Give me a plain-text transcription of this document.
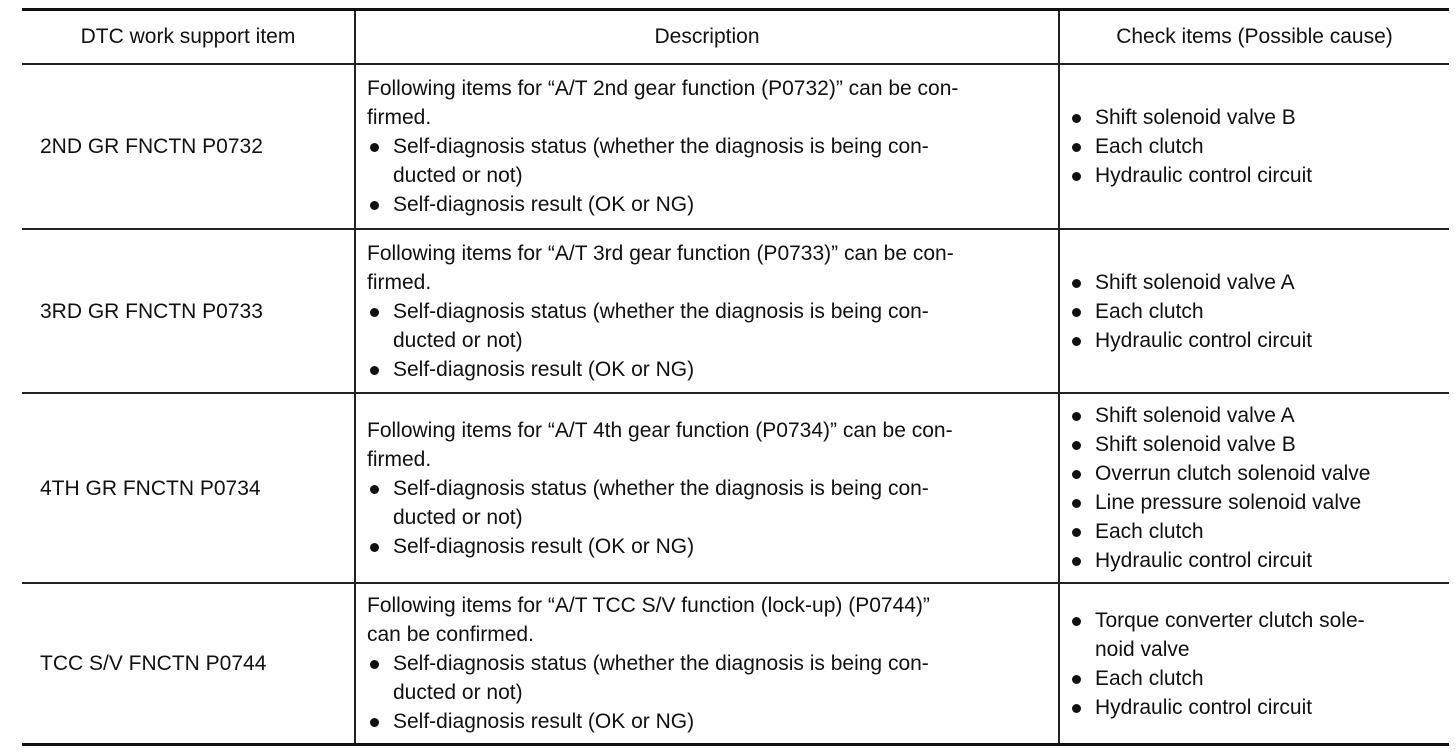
DTC work support item	Description	Check items (Possible cause)
2ND GR FNCTN P0732
Following items for “A/T 2nd gear function (P0732)” can be con-
firmed.
Self-diagnosis status (whether the diagnosis is being con-
ducted or not)
Self-diagnosis result (OK or NG)
Shift solenoid valve B
Each clutch
Hydraulic control circuit
3RD GR FNCTN P0733
Following items for “A/T 3rd gear function (P0733)” can be con-
firmed.
Self-diagnosis status (whether the diagnosis is being con-
ducted or not)
Self-diagnosis result (OK or NG)
Shift solenoid valve A
Each clutch
Hydraulic control circuit
4TH GR FNCTN P0734
Following items for “A/T 4th gear function (P0734)” can be con-
firmed.
Self-diagnosis status (whether the diagnosis is being con-
ducted or not)
Self-diagnosis result (OK or NG)
Shift solenoid valve A
Shift solenoid valve B
Overrun clutch solenoid valve
Line pressure solenoid valve
Each clutch
Hydraulic control circuit
TCC S/V FNCTN P0744
Following items for “A/T TCC S/V function (lock-up) (P0744)”
can be confirmed.
Self-diagnosis status (whether the diagnosis is being con-
ducted or not)
Self-diagnosis result (OK or NG)
Torque converter clutch sole-
noid valve
Each clutch
Hydraulic control circuit
